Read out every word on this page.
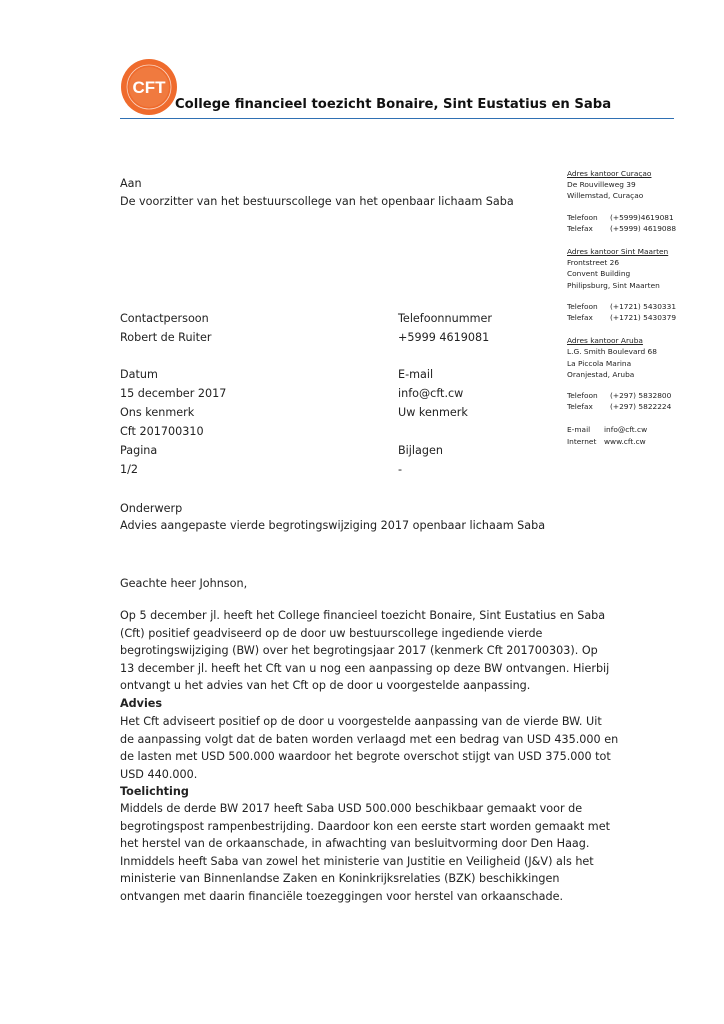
CFT
College financieel toezicht Bonaire, Sint Eustatius en Saba
Aan
De voorzitter van het bestuurscollege van het openbaar lichaam Saba
Contactpersoon
Robert de Ruiter
Telefoonnummer
+5999 4619081
Datum
15 december 2017
E-mail
info@cft.cw
Ons kenmerk
Cft 201700310
Uw kenmerk
Pagina
1/2
Bijlagen
-
Adres kantoor Curaçao
De Rouvilleweg 39
Willemstad, Curaçao
Telefoon (+5999)4619081
Telefax (+5999) 4619088
Adres kantoor Sint Maarten
Frontstreet 26
Convent Building
Philipsburg, Sint Maarten
Telefoon (+1721) 5430331
Telefax (+1721) 5430379
Adres kantoor Aruba
L.G. Smith Boulevard 68
La Piccola Marina
Oranjestad, Aruba
Telefoon (+297) 5832800
Telefax (+297) 5822224
E-mail info@cft.cw
Internet www.cft.cw
Onderwerp
Advies aangepaste vierde begrotingswijziging 2017 openbaar lichaam Saba
Geachte heer Johnson,
Op 5 december jl. heeft het College financieel toezicht Bonaire, Sint Eustatius en Saba
(Cft) positief geadviseerd op de door uw bestuurscollege ingediende vierde
begrotingswijziging (BW) over het begrotingsjaar 2017 (kenmerk Cft 201700303). Op
13 december jl. heeft het Cft van u nog een aanpassing op deze BW ontvangen. Hierbij
ontvangt u het advies van het Cft op de door u voorgestelde aanpassing.
Advies
Het Cft adviseert positief op de door u voorgestelde aanpassing van de vierde BW. Uit
de aanpassing volgt dat de baten worden verlaagd met een bedrag van USD 435.000 en
de lasten met USD 500.000 waardoor het begrote overschot stijgt van USD 375.000 tot
USD 440.000.
Toelichting
Middels de derde BW 2017 heeft Saba USD 500.000 beschikbaar gemaakt voor de
begrotingspost rampenbestrijding. Daardoor kon een eerste start worden gemaakt met
het herstel van de orkaanschade, in afwachting van besluitvorming door Den Haag.
Inmiddels heeft Saba van zowel het ministerie van Justitie en Veiligheid (J&V) als het
ministerie van Binnenlandse Zaken en Koninkrijksrelaties (BZK) beschikkingen
ontvangen met daarin financiële toezeggingen voor herstel van orkaanschade.
